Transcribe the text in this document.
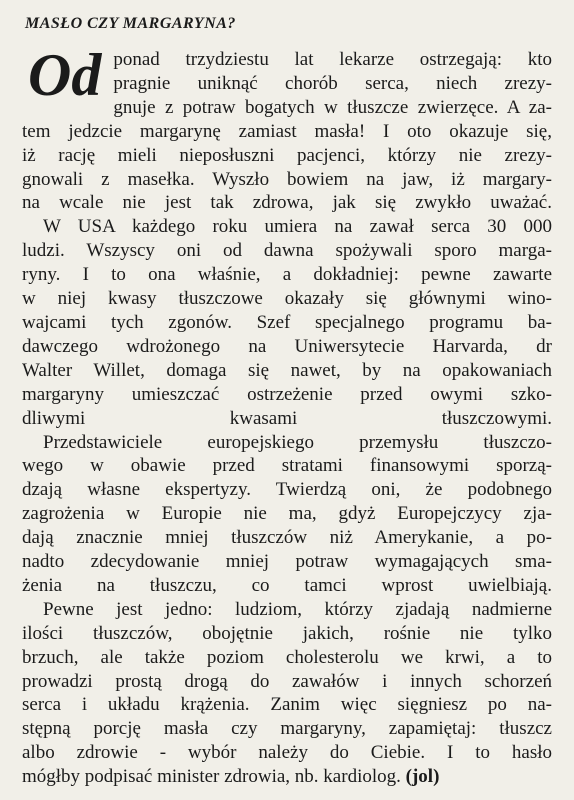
MASŁO CZY MARGARYNA?
Od ponad trzydziestu lat lekarze ostrzegają: kto
pragnie uniknąć chorób serca, niech zrezy-
gnuje z potraw bogatych w tłuszcze zwierzęce. A za-
tem jedzcie margarynę zamiast masła! I oto okazuje się,
iż rację mieli nieposłuszni pacjenci, którzy nie zrezy-
gnowali z masełka. Wyszło bowiem na jaw, iż margary-
na wcale nie jest tak zdrowa, jak się zwykło uważać.

W USA każdego roku umiera na zawał serca 30 000
ludzi. Wszyscy oni od dawna spożywali sporo marga-
ryny. I to ona właśnie, a dokładniej: pewne zawarte
w niej kwasy tłuszczowe okazały się głównymi wino-
wajcami tych zgonów. Szef specjalnego programu ba-
dawczego wdrożonego na Uniwersytecie Harvarda, dr
Walter Willet, domaga się nawet, by na opakowaniach
margaryny umieszczać ostrzeżenie przed owymi szko-
dliwymi kwasami tłuszczowymi.

Przedstawiciele europejskiego przemysłu tłuszczo-
wego w obawie przed stratami finansowymi sporzą-
dzają własne ekspertyzy. Twierdzą oni, że podobnego
zagrożenia w Europie nie ma, gdyż Europejczycy zja-
dają znacznie mniej tłuszczów niż Amerykanie, a po-
nadto zdecydowanie mniej potraw wymagających sma-
żenia na tłuszczu, co tamci wprost uwielbiają.

Pewne jest jedno: ludziom, którzy zjadają nadmierne
ilości tłuszczów, obojętnie jakich, rośnie nie tylko
brzuch, ale także poziom cholesterolu we krwi, a to
prowadzi prostą drogą do zawałów i innych schorzeń
serca i układu krążenia. Zanim więc sięgniesz po na-
stępną porcję masła czy margaryny, zapamiętaj: tłuszcz
albo zdrowie - wybór należy do Ciebie. I to hasło
mógłby podpisać minister zdrowia, nb. kardiolog. (jol)
